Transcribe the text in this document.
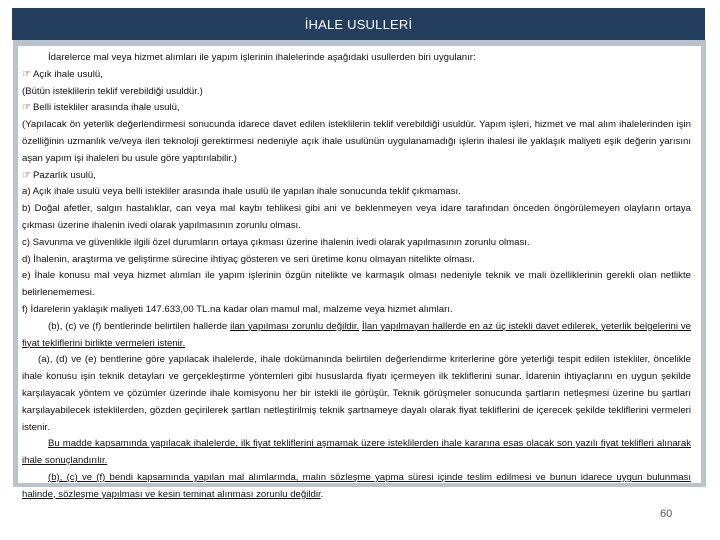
İHALE USULLERİ

İdarelerce mal veya hizmet alımları ile yapım işlerinin ihalelerinde aşağıdaki usullerden biri uygulanır:

☞ Açık ihale usulü,

(Bütün isteklilerin teklif verebildiği usuldür.)

☞ Belli istekliler arasında ihale usulü,

(Yapılacak ön yeterlik değerlendirmesi sonucunda idarece davet edilen isteklilerin teklif verebildiği usuldür. Yapım işleri, hizmet ve mal alım ihalelerinden işin özelliğinin uzmanlık ve/veya ileri teknoloji gerektirmesi nedeniyle açık ihale usulünün uygulanamadığı işlerin ihalesi ile yaklaşık maliyeti eşik değerin yarısını aşan yapım işi ihaleleri bu usule göre yaptırılabilir.)

☞ Pazarlık usulü,

a) Açık ihale usulü veya belli istekliler arasında ihale usulü ile yapılan ihale sonucunda teklif çıkmaması.

b) Doğal afetler, salgın hastalıklar, can veya mal kaybı tehlikesi gibi ani ve beklenmeyen veya idare tarafından önceden öngörülemeyen olayların ortaya çıkması üzerine ihalenin ivedi olarak yapılmasının zorunlu olması.

c) Savunma ve güvenlikle ilgili özel durumların ortaya çıkması üzerine ihalenin ivedi olarak yapılmasının zorunlu olması.

d) İhalenin, araştırma ve geliştirme sürecine ihtiyaç gösteren ve seri üretime konu olmayan nitelikte olması.

e) İhale konusu mal veya hizmet alımları ile yapım işlerinin özgün nitelikte ve karmaşık olması nedeniyle teknik ve mali özelliklerinin gerekli olan netlikte belirlenememesi.

f) İdarelerin yaklaşık maliyeti 147.633,00 TL.na kadar olan mamul mal, malzeme veya hizmet alımları.

(b), (c) ve (f) bentlerinde belirtilen hallerde ilan yapılması zorunlu değildir. İlan yapılmayan hallerde en az üç istekli davet edilerek, yeterlik belgelerini ve fiyat tekliflerini birlikte vermeleri istenir.

(a), (d) ve (e) bentlerine göre yapılacak ihalelerde, ihale dokümanında belirtilen değerlendirme kriterlerine göre yeterliği tespit edilen istekliler, öncelikle ihale konusu işin teknik detayları ve gerçekleştirme yöntemleri gibi hususlarda fiyatı içermeyen ilk tekliflerini sunar. İdarenin ihtiyaçlarını en uygun şekilde karşılayacak yöntem ve çözümler üzerinde ihale komisyonu her bir istekli ile görüşür. Teknik görüşmeler sonucunda şartların netleşmesi üzerine bu şartları karşılayabilecek isteklilerden, gözden geçirilerek şartları netleştirilmiş teknik şartnameye dayalı olarak fiyat tekliflerini de içerecek şekilde tekliflerini vermeleri istenir.

Bu madde kapsamında yapılacak ihalelerde, ilk fiyat tekliflerini aşmamak üzere isteklilerden ihale kararına esas olacak son yazılı fiyat teklifleri alınarak ihale sonuçlandırılır.

(b), (c) ve (f) bendi kapsamında yapılan mal alımlarında, malın sözleşme yapma süresi içinde teslim edilmesi ve bunun idarece uygun bulunması halinde, sözleşme yapılması ve kesin teminat alınması zorunlu değildir.

60
